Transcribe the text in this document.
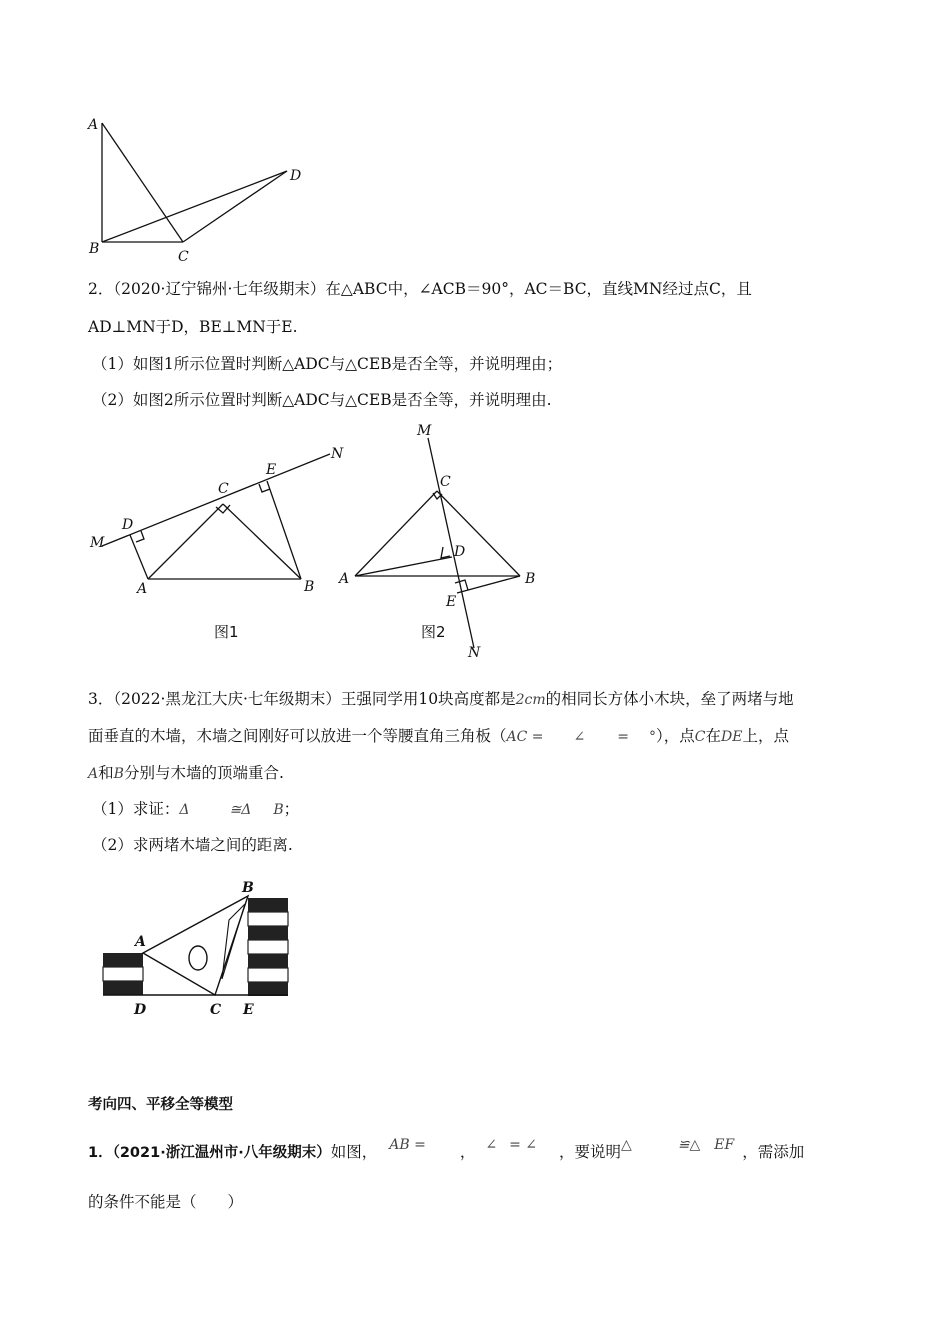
A
B	C
D
2．（2020·辽宁锦州·七年级期末）在△ABC中，∠ACB＝90°，AC＝BC，直线MN经过点C，且
AD⊥MN于D，BE⊥MN于E.
（1）如图1所示位置时判断△ADC与△CEB是否全等，并说明理由；
（2）如图2所示位置时判断△ADC与△CEB是否全等，并说明理由.
M
D
C
E
N
A	B
图1
M
C
D
A	B
E
N
图2
3．（2022·黑龙江大庆·七年级期末）王强同学用10块高度都是2cm的相同长方体小木块，垒了两堵与地
面垂直的木墙，木墙之间刚好可以放进一个等腰直角三角板（AC = ∠ = °），点C在DE上，点
A和B分别与木墙的顶端重合.
（1）求证：Δ	≅Δ B；
（2）求两堵木墙之间的距离.
B
A
D	C E
考向四、平移全等模型
1．（2021·浙江温州市·八年级期末）如图， AB = ， ∠ = ∠ ，要说明△	≌△ EF ，需添加
的条件不能是（　　）
